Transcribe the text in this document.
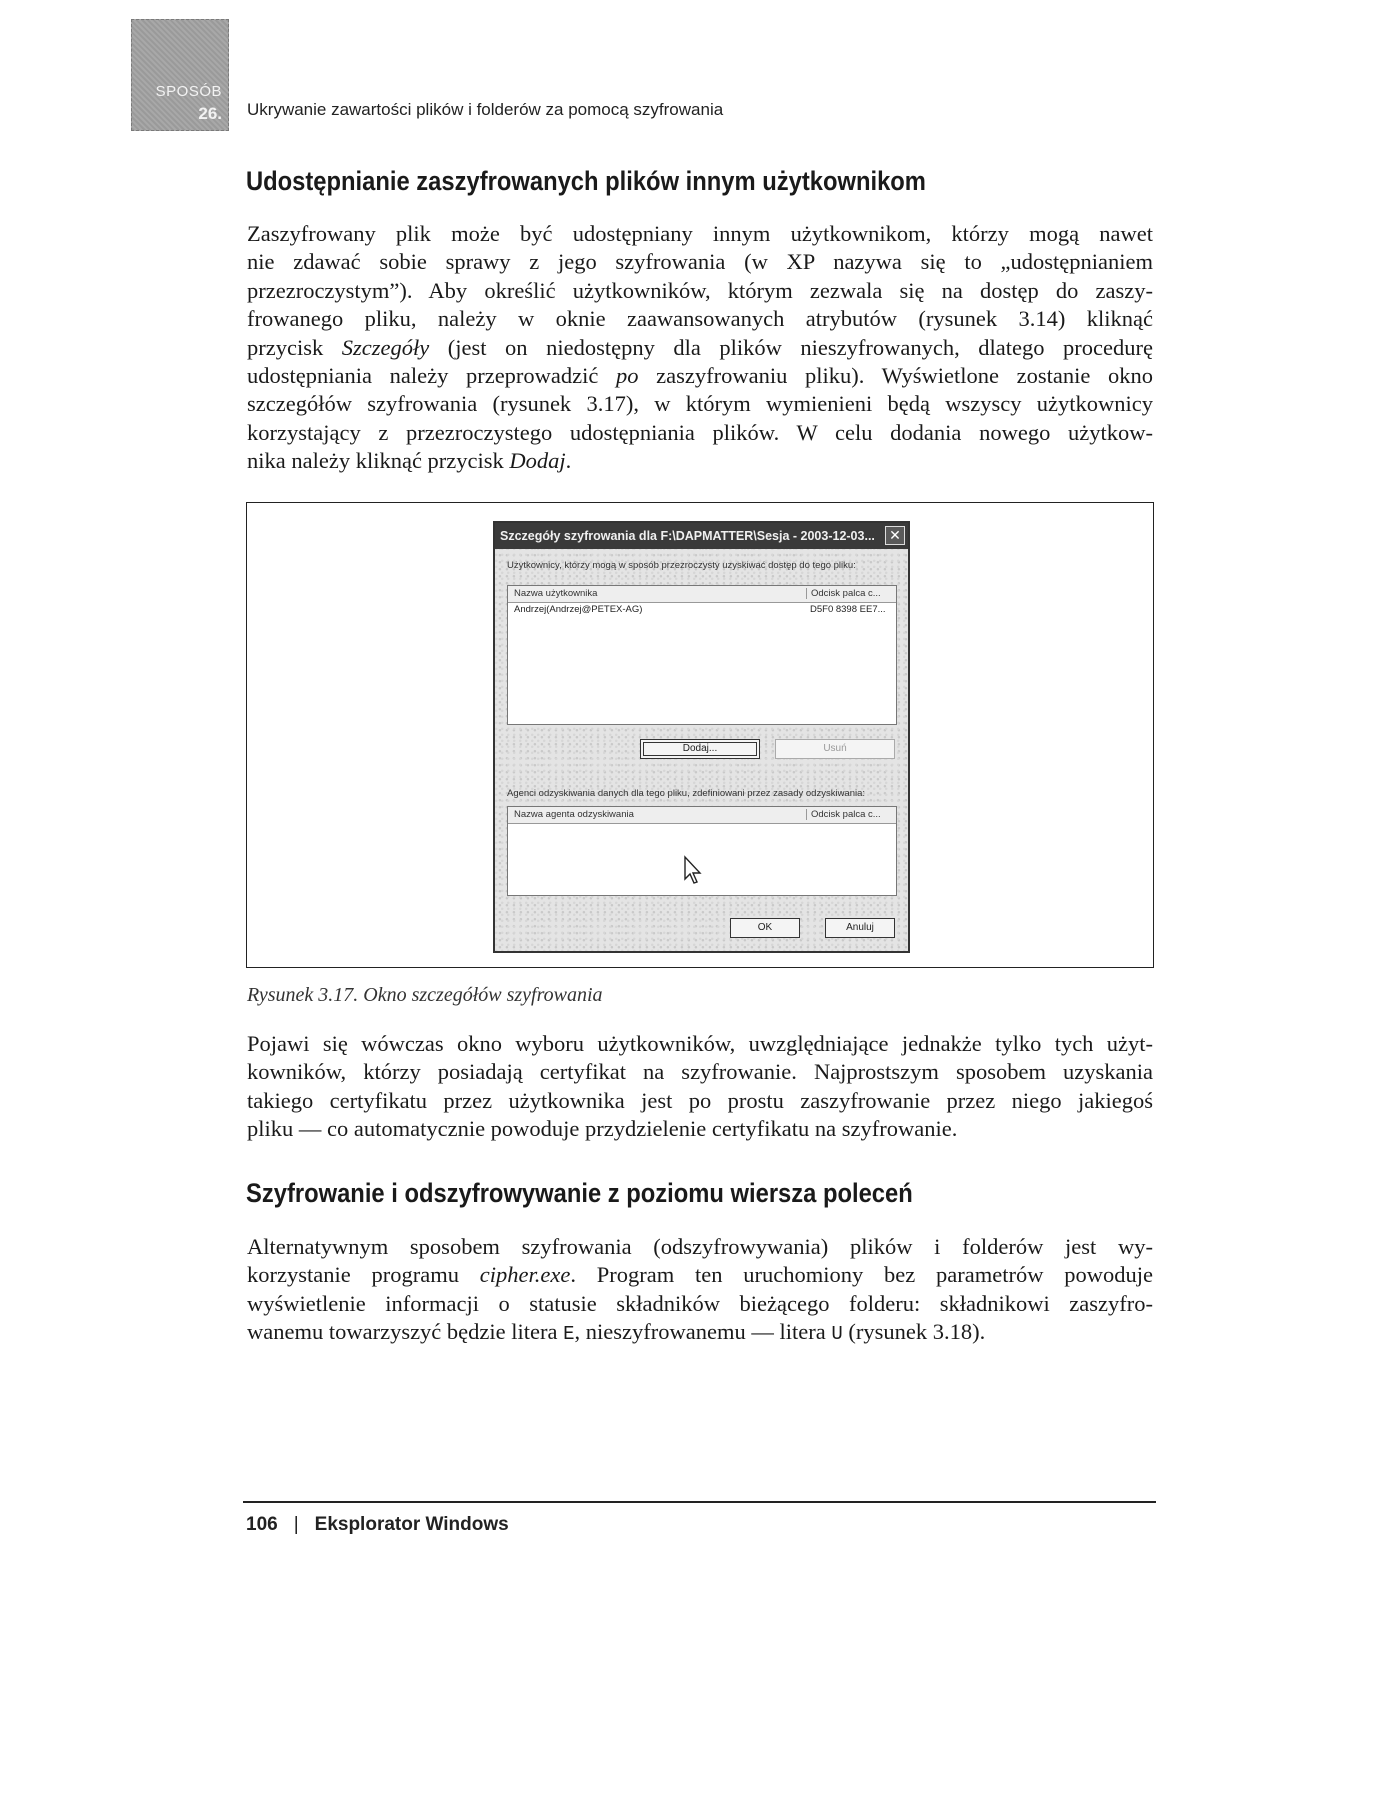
SPOSÓB
26. Ukrywanie zawartości plików i folderów za pomocą szyfrowania
Udostępnianie zaszyfrowanych plików innym użytkownikom
Zaszyfrowany plik może być udostępniany innym użytkownikom, którzy mogą nawet
nie zdawać sobie sprawy z jego szyfrowania (w XP nazywa się to „udostępnianiem
przezroczystym”). Aby określić użytkowników, którym zezwala się na dostęp do zaszy-
frowanego pliku, należy w oknie zaawansowanych atrybutów (rysunek 3.14) kliknąć
przycisk Szczegóły (jest on niedostępny dla plików nieszyfrowanych, dlatego procedurę
udostępniania należy przeprowadzić po zaszyfrowaniu pliku). Wyświetlone zostanie okno
szczegółów szyfrowania (rysunek 3.17), w którym wymienieni będą wszyscy użytkownicy
korzystający z przezroczystego udostępniania plików. W celu dodania nowego użytkow-
nika należy kliknąć przycisk Dodaj.
Szczegóły szyfrowania dla F:\DAPMATTER\Sesja - 2003-12-03...	✕
Użytkownicy, którzy mogą w sposób przezroczysty uzyskiwać dostęp do tego pliku:
Nazwa użytkownika	Odcisk palca c...
Andrzej(Andrzej@PETEX-AG)	D5F0 8398 EE7...
Dodaj...	Usuń
Agenci odzyskiwania danych dla tego pliku, zdefiniowani przez zasady odzyskiwania:
Nazwa agenta odzyskiwania	Odcisk palca c...
OK	Anuluj
Rysunek 3.17. Okno szczegółów szyfrowania
Pojawi się wówczas okno wyboru użytkowników, uwzględniające jednakże tylko tych użyt-
kowników, którzy posiadają certyfikat na szyfrowanie. Najprostszym sposobem uzyskania
takiego certyfikatu przez użytkownika jest po prostu zaszyfrowanie przez niego jakiegoś
pliku — co automatycznie powoduje przydzielenie certyfikatu na szyfrowanie.
Szyfrowanie i odszyfrowywanie z poziomu wiersza poleceń
Alternatywnym sposobem szyfrowania (odszyfrowywania) plików i folderów jest wy-
korzystanie programu cipher.exe. Program ten uruchomiony bez parametrów powoduje
wyświetlenie informacji o statusie składników bieżącego folderu: składnikowi zaszyfro-
wanemu towarzyszyć będzie litera E, nieszyfrowanemu — litera U (rysunek 3.18).
106 | Eksplorator Windows
